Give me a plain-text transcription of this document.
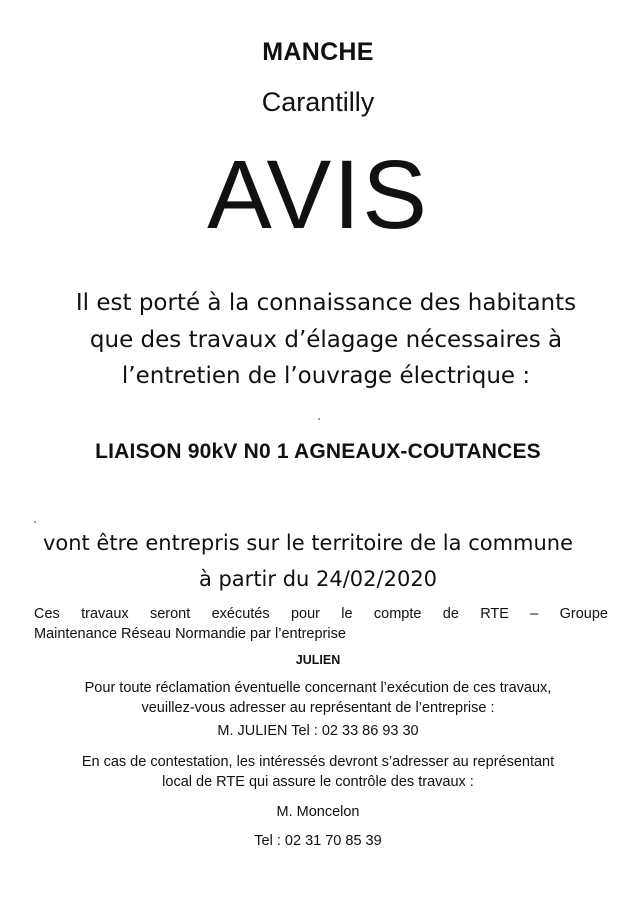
MANCHE

Carantilly

AVIS

Il est porté à la connaissance des habitants

que des travaux d’élagage nécessaires à

l’entretien de l’ouvrage électrique :

LIAISON 90kV N0 1 AGNEAUX-COUTANCES

vont être entrepris sur le territoire de la commune

à partir du 24/02/2020

Ces travaux seront exécutés pour le compte de RTE – Groupe
Maintenance Réseau Normandie par l’entreprise

JULIEN

Pour toute réclamation éventuelle concernant l’exécution de ces travaux,
veuillez-vous adresser au représentant de l’entreprise :

M. JULIEN Tel : 02 33 86 93 30

En cas de contestation, les intéressés devront s’adresser au représentant
local de RTE qui assure le contrôle des travaux :

M. Moncelon

Tel : 02 31 70 85 39
